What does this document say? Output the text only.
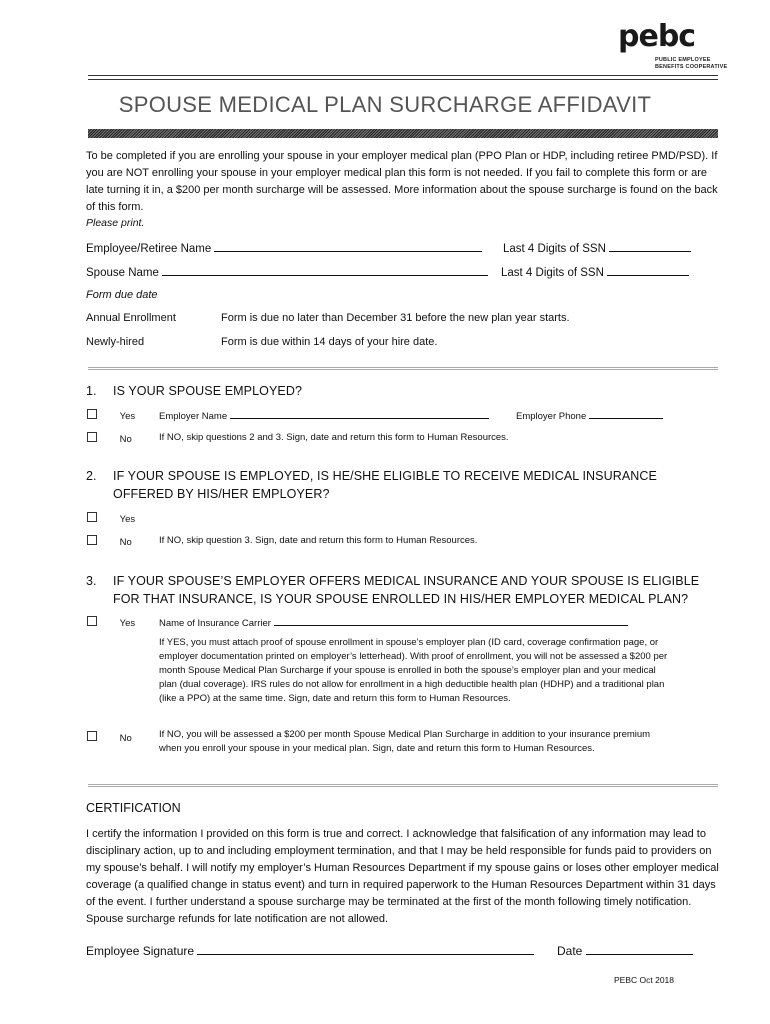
pebc
PUBLIC EMPLOYEE
BENEFITS COOPERATIVE
SPOUSE MEDICAL PLAN SURCHARGE AFFIDAVIT
To be completed if you are enrolling your spouse in your employer medical plan (PPO Plan or HDP, including retiree PMD/PSD). If you are NOT enrolling your spouse in your employer medical plan this form is not needed. If you fail to complete this form or are late turning it in, a $200 per month surcharge will be assessed. More information about the spouse surcharge is found on the back of this form.
Please print.
Employee/Retiree Name	Last 4 Digits of SSN
Spouse Name	Last 4 Digits of SSN
Form due date
Annual Enrollment	Form is due no later than December 31 before the new plan year starts.
Newly-hired	Form is due within 14 days of your hire date.
1. IS YOUR SPOUSE EMPLOYED?
Yes	Employer Name	Employer Phone
No	If NO, skip questions 2 and 3. Sign, date and return this form to Human Resources.
2. IF YOUR SPOUSE IS EMPLOYED, IS HE/SHE ELIGIBLE TO RECEIVE MEDICAL INSURANCE
OFFERED BY HIS/HER EMPLOYER?
Yes
No	If NO, skip question 3. Sign, date and return this form to Human Resources.
3. IF YOUR SPOUSE’S EMPLOYER OFFERS MEDICAL INSURANCE AND YOUR SPOUSE IS ELIGIBLE
FOR THAT INSURANCE, IS YOUR SPOUSE ENROLLED IN HIS/HER EMPLOYER MEDICAL PLAN?
Yes	Name of Insurance Carrier
If YES, you must attach proof of spouse enrollment in spouse’s employer plan (ID card, coverage confirmation page, or employer documentation printed on employer’s letterhead). With proof of enrollment, you will not be assessed a $200 per month Spouse Medical Plan Surcharge if your spouse is enrolled in both the spouse’s employer plan and your medical plan (dual coverage). IRS rules do not allow for enrollment in a high deductible health plan (HDHP) and a traditional plan (like a PPO) at the same time. Sign, date and return this form to Human Resources.
No	If NO, you will be assessed a $200 per month Spouse Medical Plan Surcharge in addition to your insurance premium when you enroll your spouse in your medical plan. Sign, date and return this form to Human Resources.
CERTIFICATION
I certify the information I provided on this form is true and correct. I acknowledge that falsification of any information may lead to disciplinary action, up to and including employment termination, and that I may be held responsible for funds paid to providers on my spouse’s behalf. I will notify my employer’s Human Resources Department if my spouse gains or loses other employer medical coverage (a qualified change in status event) and turn in required paperwork to the Human Resources Department within 31 days of the event. I further understand a spouse surcharge may be terminated at the first of the month following timely notification. Spouse surcharge refunds for late notification are not allowed.
Employee Signature	Date
PEBC Oct 2018
